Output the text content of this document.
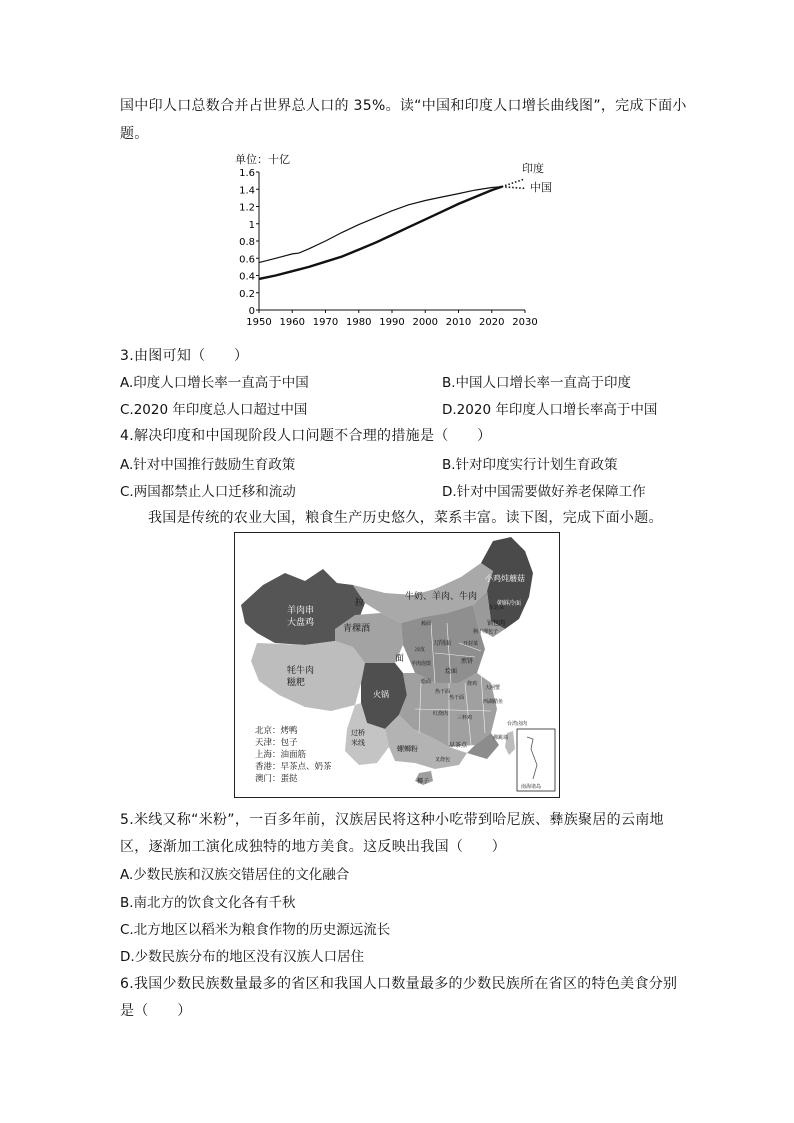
国中印人口总数合并占世界总人口的 35%。读“中国和印度人口增长曲线图”，完成下面小
题。
单位：十亿
0
0.2
0.4
0.6
0.8
1
1.2
1.4
1.6
1950 1960 1970 1980 1990 2000 2010 2020 2030
印度
中国
3.由图可知（　　）
A.印度人口增长率一直高于中国	B.中国人口增长率一直高于印度
C.2020 年印度总人口超过中国	D.2020 年印度人口增长率高于中国
4.解决印度和中国现阶段人口问题不合理的措施是（　　）
A.针对中国推行鼓励生育政策	B.针对印度实行计划生育政策
C.两国都禁止人口迁移和流动	D.针对中国需要做好养老保障工作
我国是传统的农业大国，粮食生产历史悠久，菜系丰富。读下图，完成下面小题。
羊肉串大盘鸡
牦牛肉糍粑
青稞酒
拉
面
火锅
小鸡炖蘑菇
朝鲜冷面
锅包肉
牛奶、羊肉、牛肉
过桥米线
螺蛳粉	早茶点
椰子
刀削面
烩面
煎饼
莜面
羊肉泡馍
烩面
开封菜
热干面
红烧肉
三杯鸡
西湖醋鱼
佛跳墙
凉皮
热干面
烧鸡
叉烧包
大闸蟹
狗不理包子
台湾卤肉
东北菜
南海诸岛
北京：烤鸭
天津：包子
上海：油面筋
香港：早茶点、奶茶
澳门：蛋挞
5.米线又称“米粉”，一百多年前，汉族居民将这种小吃带到哈尼族、彝族聚居的云南地
区，逐渐加工演化成独特的地方美食。这反映出我国（　　）
A.少数民族和汉族交错居住的文化融合
B.南北方的饮食文化各有千秋
C.北方地区以稻米为粮食作物的历史源远流长
D.少数民族分布的地区没有汉族人口居住
6.我国少数民族数量最多的省区和我国人口数量最多的少数民族所在省区的特色美食分别
是（　　）
